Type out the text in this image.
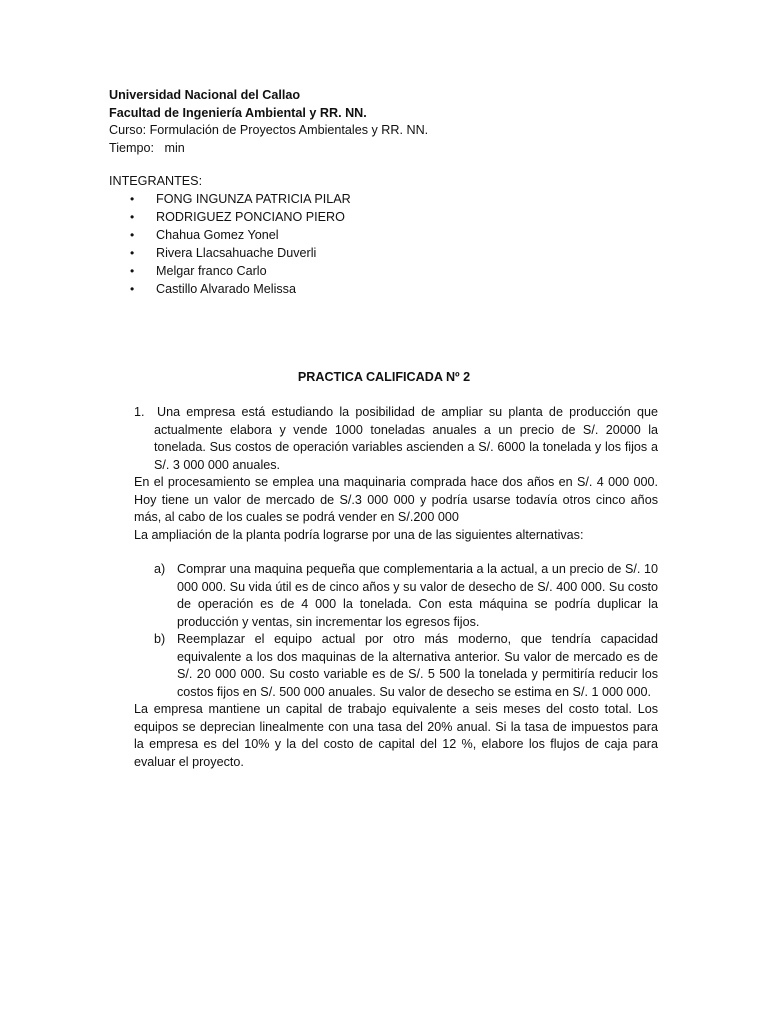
Universidad Nacional del Callao
Facultad de Ingeniería Ambiental y RR. NN.
Curso: Formulación de Proyectos Ambientales y RR. NN.
Tiempo:   min
INTEGRANTES:
• FONG INGUNZA PATRICIA PILAR
• RODRIGUEZ PONCIANO PIERO
• Chahua Gomez Yonel
• Rivera Llacsahuache Duverli
• Melgar franco Carlo
• Castillo Alvarado Melissa
PRACTICA CALIFICADA Nº 2

1. Una empresa está estudiando la posibilidad de ampliar su planta de producción que actualmente elabora y vende 1000 toneladas anuales a un precio de S/. 20000 la tonelada. Sus costos de operación variables ascienden a S/. 6000 la tonelada y los fijos a S/. 3 000 000 anuales.

En el procesamiento se emplea una maquinaria comprada hace dos años en S/. 4 000 000. Hoy tiene un valor de mercado de S/.3 000 000 y podría usarse todavía otros cinco años más, al cabo de los cuales se podrá vender en S/.200 000

La ampliación de la planta podría lograrse por una de las siguientes alternativas:

a) Comprar una maquina pequeña que complementaria a la actual, a un precio de S/. 10 000 000. Su vida útil es de cinco años y su valor de desecho de S/. 400 000. Su costo de operación es de 4 000 la tonelada. Con esta máquina se podría duplicar la producción y ventas, sin incrementar los egresos fijos.

b) Reemplazar el equipo actual por otro más moderno, que tendría capacidad equivalente a los dos maquinas de la alternativa anterior. Su valor de mercado es de S/. 20 000 000. Su costo variable es de S/. 5 500 la tonelada y permitiría reducir los costos fijos en S/. 500 000 anuales. Su valor de desecho se estima en S/. 1 000 000.

La empresa mantiene un capital de trabajo equivalente a seis meses del costo total. Los equipos se deprecian linealmente con una tasa del 20% anual. Si la tasa de impuestos para la empresa es del 10% y la del costo de capital del 12 %, elabore los flujos de caja para evaluar el proyecto.
